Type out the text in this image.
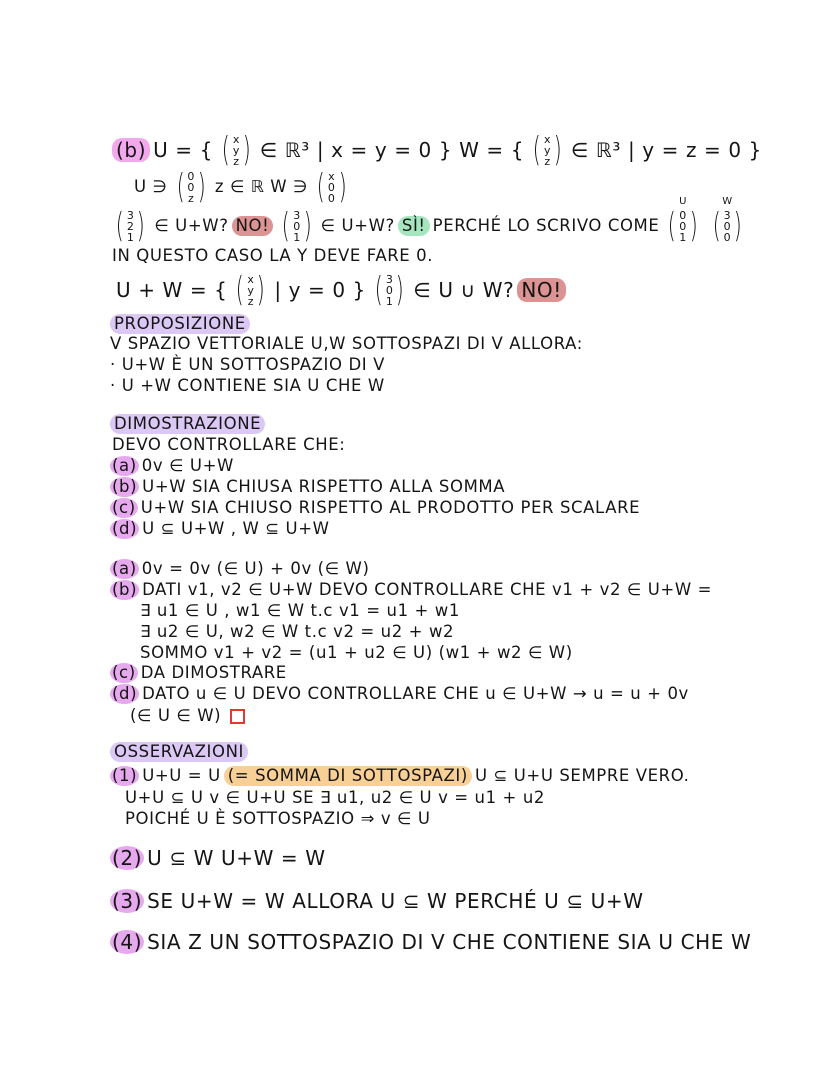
(b) U = { ( x
y
z ) ∈ ℝ³ | x = y = 0 } W = { ( x
y
z ) ∈ ℝ³ | y = z = 0 }
U ∋ ( 0
0
z ) z ∈ ℝ W ∋ ( x
0
0 )
( 3
2
1 ) ∈ U+W? NO! ( 3
0
1 ) ∈ U+W? SÌ! PERCHÉ LO SCRIVO COME
U
( 0
0
1 )
W
( 3
0
0 )
IN QUESTO CASO LA Y DEVE FARE 0.
U + W = { ( x
y
z ) | y = 0 } ( 3
0
1 ) ∈ U ∪ W? NO!
PROPOSIZIONE
V SPAZIO VETTORIALE U,W SOTTOSPAZI DI V ALLORA:
· U+W È UN SOTTOSPAZIO DI V
· U +W CONTIENE SIA U CHE W
DIMOSTRAZIONE
DEVO CONTROLLARE CHE:
(a) 0v ∈ U+W
(b) U+W SIA CHIUSA RISPETTO ALLA SOMMA
(c) U+W SIA CHIUSO RISPETTO AL PRODOTTO PER SCALARE
(d) U ⊆ U+W , W ⊆ U+W
(a) 0v = 0v (∈ U) + 0v (∈ W)
(b) DATI v1, v2 ∈ U+W DEVO CONTROLLARE CHE v1 + v2 ∈ U+W =
∃ u1 ∈ U , w1 ∈ W t.c v1 = u1 + w1
∃ u2 ∈ U, w2 ∈ W t.c v2 = u2 + w2
SOMMO v1 + v2 = (u1 + u2 ∈ U) (w1 + w2 ∈ W)
(c) DA DIMOSTRARE
(d) DATO u ∈ U DEVO CONTROLLARE CHE u ∈ U+W → u = u + 0v
(∈ U ∈ W)
OSSERVAZIONI
(1) U+U = U (= SOMMA DI SOTTOSPAZI) U ⊆ U+U SEMPRE VERO.
U+U ⊆ U v ∈ U+U SE ∃ u1, u2 ∈ U v = u1 + u2
POICHÉ U È SOTTOSPAZIO ⇒ v ∈ U
(2) U ⊆ W U+W = W
(3) SE U+W = W ALLORA U ⊆ W PERCHÉ U ⊆ U+W
(4) SIA Z UN SOTTOSPAZIO DI V CHE CONTIENE SIA U CHE W
